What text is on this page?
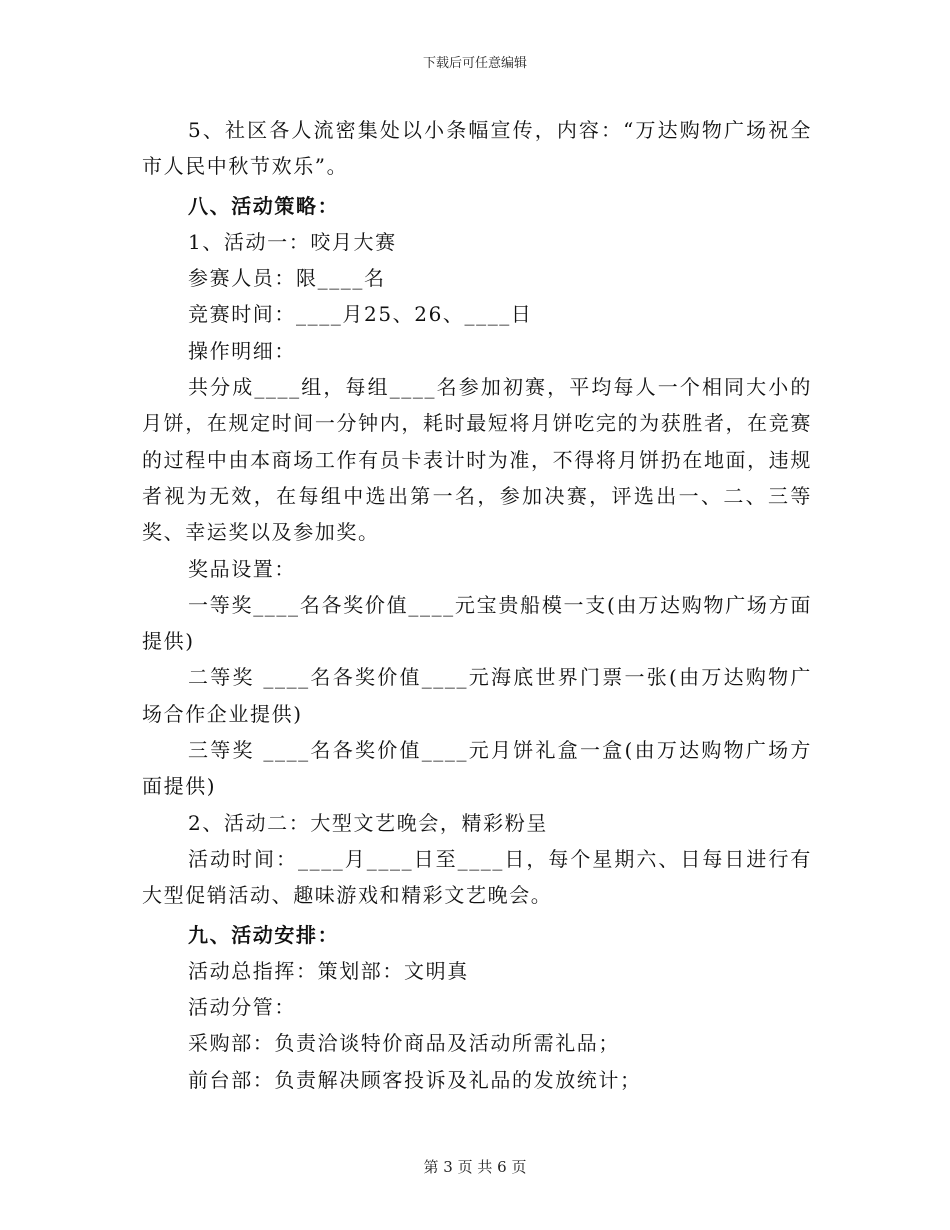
下载后可任意编辑

5、社区各人流密集处以小条幅宣传，内容：“万达购物广场祝全市人民中秋节欢乐”。

八、活动策略：

1、活动一：咬月大赛

参赛人员：限____名

竞赛时间：____月25、26、____日

操作明细：

共分成____组，每组____名参加初赛，平均每人一个相同大小的月饼，在规定时间一分钟内，耗时最短将月饼吃完的为获胜者，在竞赛的过程中由本商场工作有员卡表计时为准，不得将月饼扔在地面，违规者视为无效，在每组中选出第一名，参加决赛，评选出一、二、三等奖、幸运奖以及参加奖。

奖品设置：

一等奖____名各奖价值____元宝贵船模一支(由万达购物广场方面提供)

二等奖 ____名各奖价值____元海底世界门票一张(由万达购物广场合作企业提供)

三等奖 ____名各奖价值____元月饼礼盒一盒(由万达购物广场方面提供)

2、活动二：大型文艺晚会，精彩粉呈

活动时间：____月____日至____日，每个星期六、日每日进行有大型促销活动、趣味游戏和精彩文艺晚会。

九、活动安排：

活动总指挥：策划部：文明真

活动分管：

采购部：负责洽谈特价商品及活动所需礼品；

前台部：负责解决顾客投诉及礼品的发放统计；

第 3 页 共 6 页
